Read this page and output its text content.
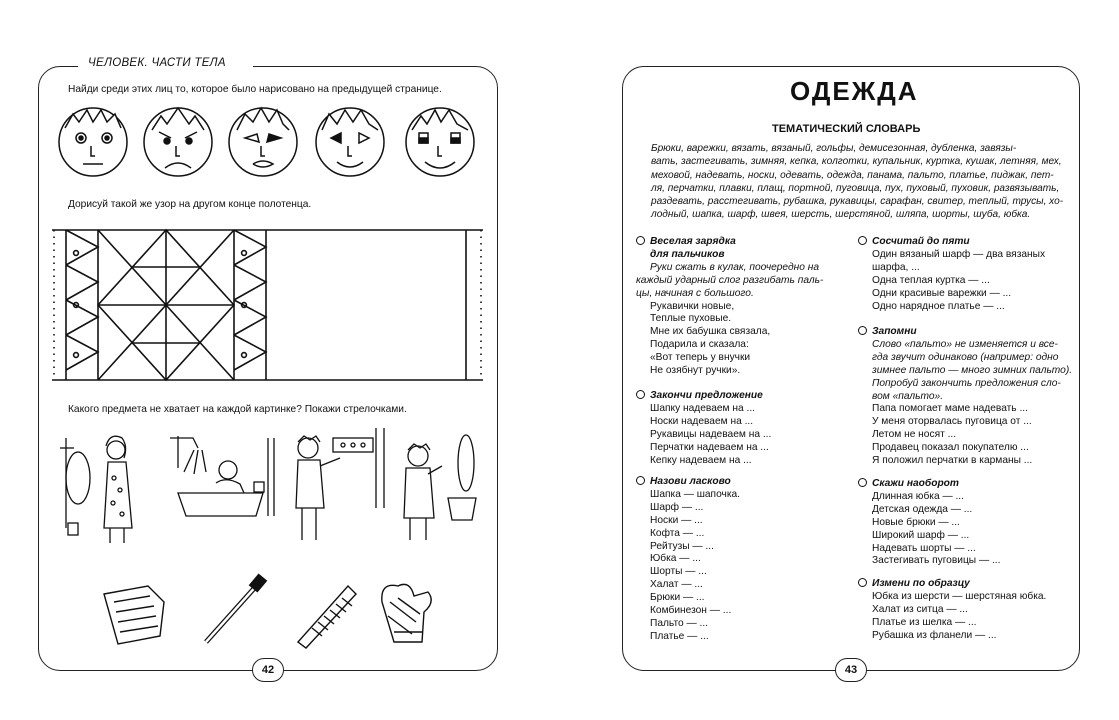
ЧЕЛОВЕК. ЧАСТИ ТЕЛА
Найди среди этих лиц то, которое было нарисовано на предыдущей странице.
Дорисуй такой же узор на другом конце полотенца.
Какого предмета не хватает на каждой картинке? Покажи стрелочками.
42
ОДЕЖДА
ТЕМАТИЧЕСКИЙ СЛОВАРЬ
Брюки, варежки, вязать, вязаный, гольфы, демисезонная, дубленка, завязы-
вать, застегивать, зимняя, кепка, колготки, купальник, куртка, кушак, летняя, мех,
меховой, надевать, носки, одевать, одежда, панама, пальто, платье, пиджак, пет-
ля, перчатки, плавки, плащ, портной, пуговица, пух, пуховый, пуховик, развязывать,
раздевать, расстегивать, рубашка, рукавицы, сарафан, свитер, теплый, трусы, хо-
лодный, шапка, шарф, швея, шерсть, шерстяной, шляпа, шорты, шуба, юбка.
Веселая зарядка
для пальчиков
Руки сжать в кулак, поочередно на
каждый ударный слог разгибать паль-
цы, начиная с большого.
Рукавички новые,
Теплые пуховые.
Мне их бабушка связала,
Подарила и сказала:
«Вот теперь у внучки
Не озябнут ручки».
Закончи предложение
Шапку надеваем на ...
Носки надеваем на ...
Рукавицы надеваем на ...
Перчатки надеваем на ...
Кепку надеваем на ...
Назови ласково
Шапка — шапочка.
Шарф — ...
Носки — ...
Кофта — ...
Рейтузы — ...
Юбка — ...
Шорты — ...
Халат — ...
Брюки — ...
Комбинезон — ...
Пальто — ...
Платье — ...
Сосчитай до пяти
Один вязаный шарф — два вязаных
шарфа, ...
Одна теплая куртка — ...
Одни красивые варежки — ...
Одно нарядное платье — ...
Запомни
Слово «пальто» не изменяется и все-
гда звучит одинаково (например: одно
зимнее пальто — много зимних пальто).
Попробуй закончить предложения сло-
вом «пальто».
Папа помогает маме надевать ...
У меня оторвалась пуговица от ...
Летом не носят ...
Продавец показал покупателю ...
Я положил перчатки в карманы ...
Скажи наоборот
Длинная юбка — ...
Детская одежда — ...
Новые брюки — ...
Широкий шарф — ...
Надевать шорты — ...
Застегивать пуговицы — ...
Измени по образцу
Юбка из шерсти — шерстяная юбка.
Халат из ситца — ...
Платье из шелка — ...
Рубашка из фланели — ...
43
